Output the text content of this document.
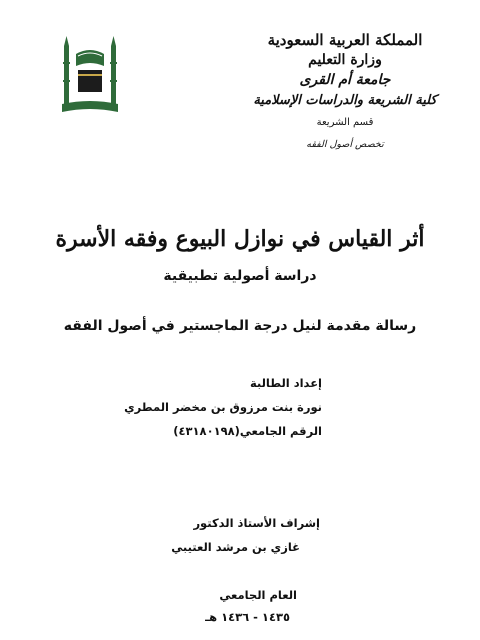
المملكة العربية السعودية
وزارة التعليم
جامعة أم القرى
كلية الشريعة والدراسات الإسلامية
قسم الشريعة
تخصص أصول الفقه
أثر القياس في نوازل البيوع وفقه الأسرة
دراسة أصولية تطبيقية
رسالة مقدمة لنيل درجة الماجستير في أصول الفقه
إعداد الطالبة
نورة بنت مرزوق بن مخضر المطري
الرقم الجامعي(٤٣١٨٠١٩٨)
إشراف الأستاذ الدكتور
غازي بن مرشد العتيبي
العام الجامعي
١٤٣٥ - ١٤٣٦ هـ
